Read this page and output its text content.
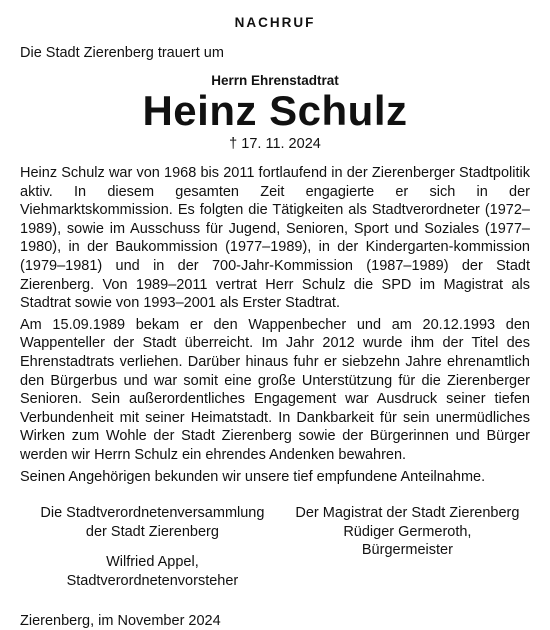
NACHRUF
Die Stadt Zierenberg trauert um
Herrn Ehrenstadtrat
Heinz Schulz
† 17. 11. 2024

Heinz Schulz war von 1968 bis 2011 fortlaufend in der Zierenberger Stadtpolitik aktiv. In diesem gesamten Zeit engagierte er sich in der Viehmarktskommission. Es folgten die Tätigkeiten als Stadtverordneter (1972–1989), sowie im Ausschuss für Jugend, Senioren, Sport und Soziales (1977–1980), in der Baukommission (1977–1989), in der Kindergarten-kommission (1979–1981) und in der 700-Jahr-Kommission (1987–1989) der Stadt Zierenberg. Von 1989–2011 vertrat Herr Schulz die SPD im Magistrat als Stadtrat sowie von 1993–2001 als Erster Stadtrat.

Am 15.09.1989 bekam er den Wappenbecher und am 20.12.1993 den Wappenteller der Stadt überreicht. Im Jahr 2012 wurde ihm der Titel des Ehrenstadtrats verliehen. Darüber hinaus fuhr er siebzehn Jahre ehrenamtlich den Bürgerbus und war somit eine große Unterstützung für die Zierenberger Senioren. Sein außerordentliches Engagement war Ausdruck seiner tiefen Verbundenheit mit seiner Heimatstadt. In Dankbarkeit für sein unermüdliches Wirken zum Wohle der Stadt Zierenberg sowie der Bürgerinnen und Bürger werden wir Herrn Schulz ein ehrendes Andenken bewahren.

Seinen Angehörigen bekunden wir unsere tief empfundene Anteilnahme.

Die Stadtverordnetenversammlung
der Stadt Zierenberg
Wilfried Appel, Stadtverordnetenvorsteher
Der Magistrat der Stadt Zierenberg
Rüdiger Germeroth,
Bürgermeister
Zierenberg, im November 2024
